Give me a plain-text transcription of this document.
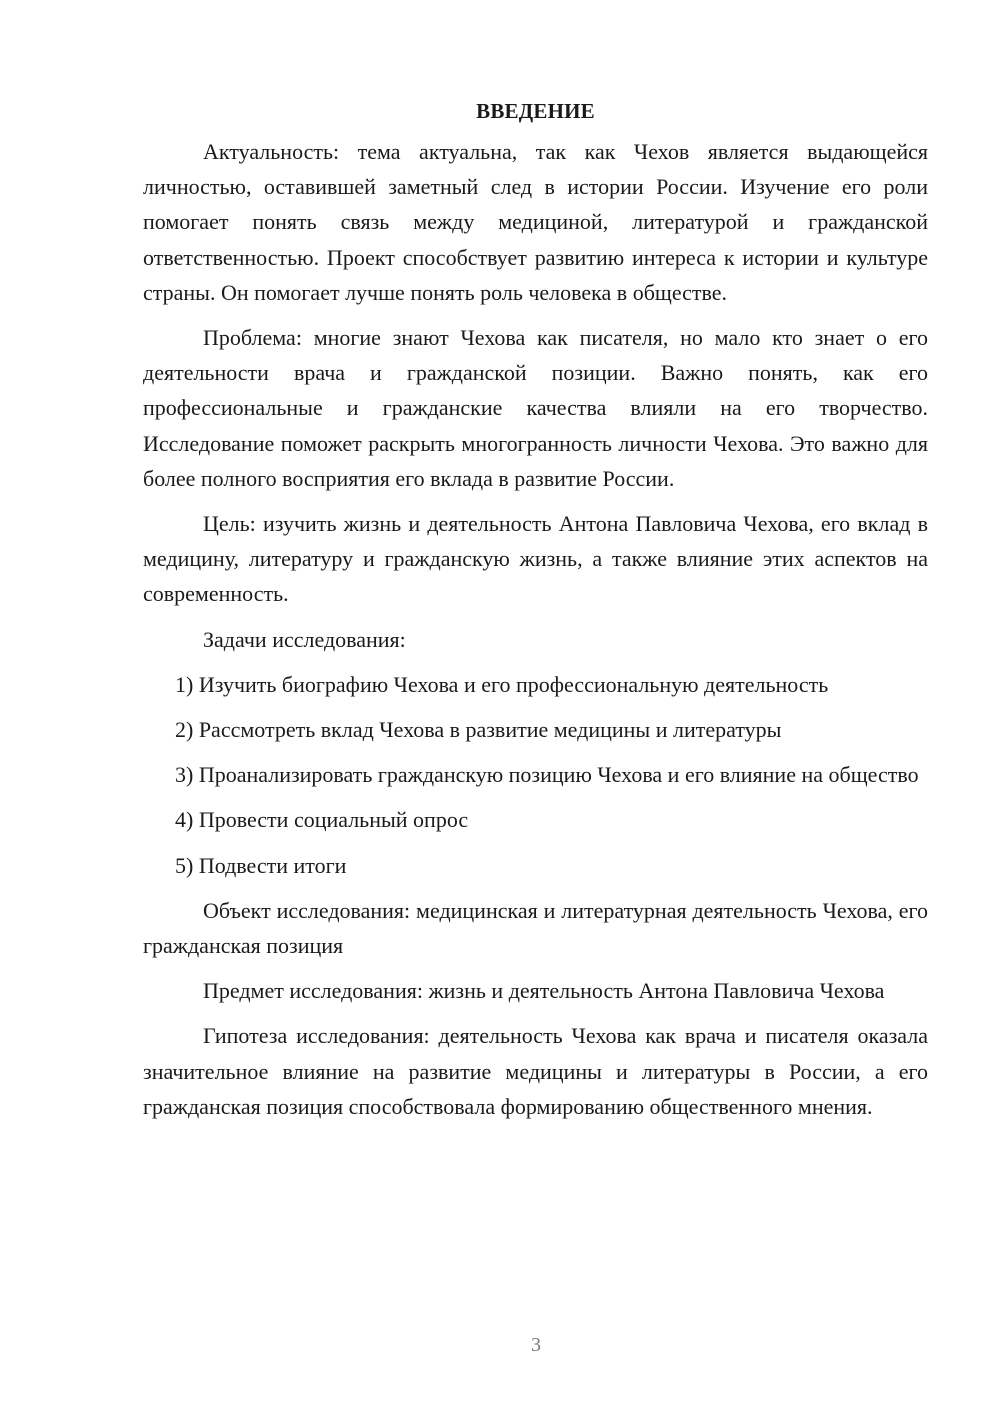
ВВЕДЕНИЕ

Актуальность: тема актуальна, так как Чехов является выдающейся личностью, оставившей заметный след в истории России. Изучение его роли помогает понять связь между медициной, литературой и гражданской ответственностью. Проект способствует развитию интереса к истории и культуре страны. Он помогает лучше понять роль человека в обществе.

Проблема: многие знают Чехова как писателя, но мало кто знает о его деятельности врача и гражданской позиции. Важно понять, как его профессиональные и гражданские качества влияли на его творчество. Исследование поможет раскрыть многогранность личности Чехова. Это важно для более полного восприятия его вклада в развитие России.

Цель: изучить жизнь и деятельность Антона Павловича Чехова, его вклад в медицину, литературу и гражданскую жизнь, а также влияние этих аспектов на современность.

Задачи исследования:

1) Изучить биографию Чехова и его профессиональную деятельность

2) Рассмотреть вклад Чехова в развитие медицины и литературы

3) Проанализировать гражданскую позицию Чехова и его влияние на общество

4) Провести социальный опрос

5) Подвести итоги

Объект исследования: медицинская и литературная деятельность Чехова, его гражданская позиция

Предмет исследования: жизнь и деятельность Антона Павловича Чехова

Гипотеза исследования: деятельность Чехова как врача и писателя оказала значительное влияние на развитие медицины и литературы в России, а его гражданская позиция способствовала формированию общественного мнения.

3
